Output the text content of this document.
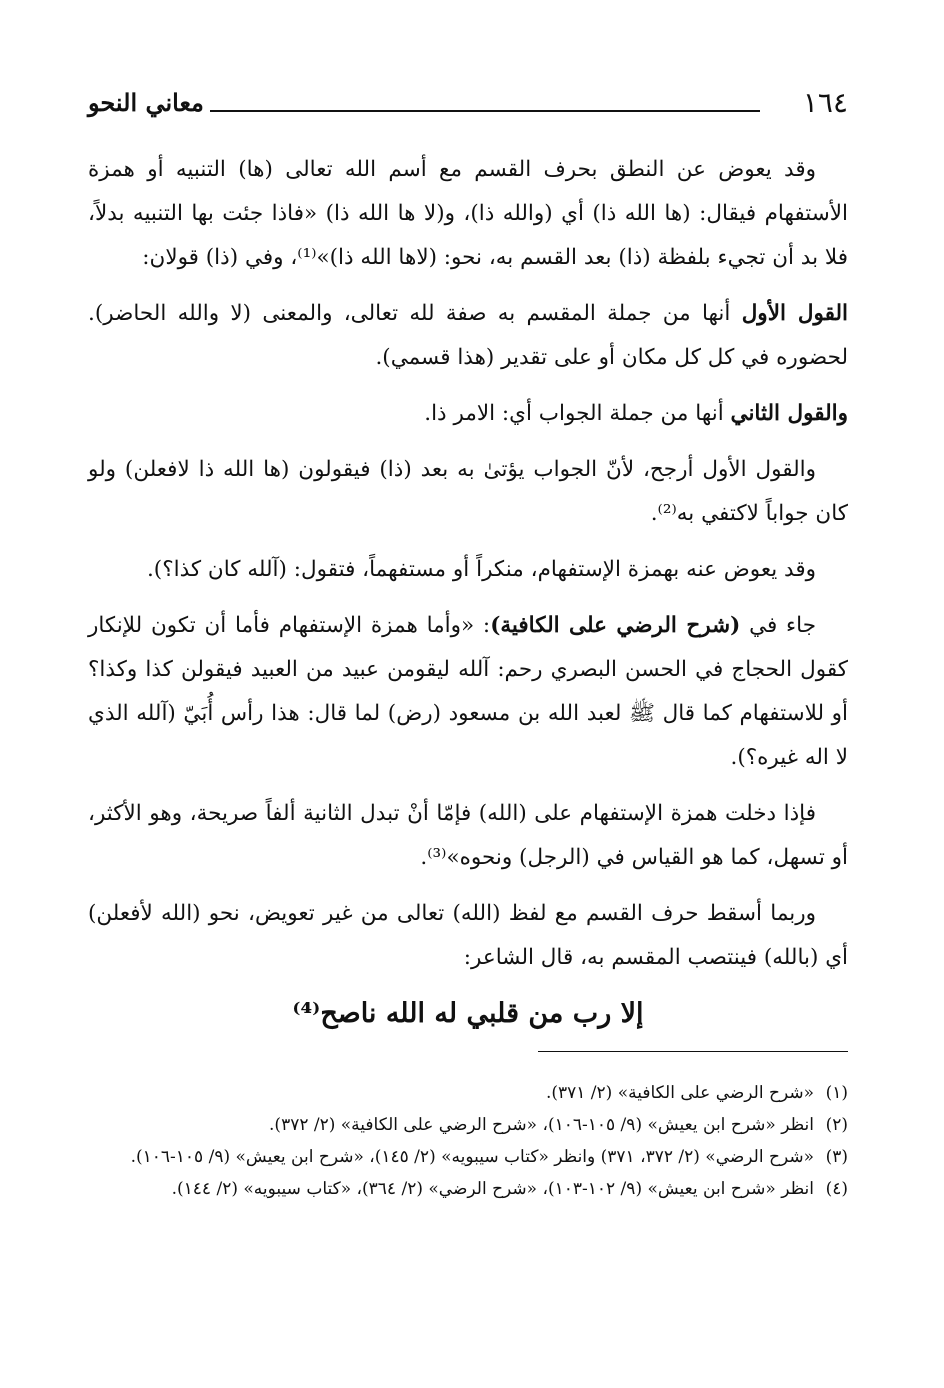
١٦٤
معاني النحو

وقد يعوض عن النطق بحرف القسم مع أسم الله تعالى (ها) التنبيه أو همزة الأستفهام فيقال: (ها الله ذا) أي (والله ذا)، و(لا ها الله ذا) «فاذا جئت بها التنبيه بدلاً، فلا بد أن تجيء بلفظة (ذا) بعد القسم به، نحو: (لاها الله ذا)»⁽¹⁾، وفي (ذا) قولان:

القول الأول أنها من جملة المقسم به صفة لله تعالى، والمعنى (لا والله الحاضر). لحضوره في كل كل مكان أو على تقدير (هذا قسمي).

والقول الثاني أنها من جملة الجواب أي: الامر ذا.

والقول الأول أرجح، لأنّ الجواب يؤتىٰ به بعد (ذا) فيقولون (ها الله ذا لافعلن) ولو كان جواباً لاكتفي به⁽²⁾.

وقد يعوض عنه بهمزة الإستفهام، منكراً أو مستفهماً، فتقول: (آلله كان كذا؟).

جاء في (شرح الرضي على الكافية): «وأما همزة الإستفهام فأما أن تكون للإنكار كقول الحجاج في الحسن البصري رحم: آلله ليقومن عبيد من العبيد فيقولن كذا وكذا؟ أو للاستفهام كما قال ﷺ لعبد الله بن مسعود (رض) لما قال: هذا رأس أُبَيّ (آلله الذي لا اله غيره؟).

فإذا دخلت همزة الإستفهام على (الله) فإمّا أنْ تبدل الثانية ألفاً صريحة، وهو الأكثر، أو تسهل، كما هو القياس في (الرجل) ونحوه»⁽³⁾.

وربما أسقط حرف القسم مع لفظ (الله) تعالى من غير تعويض، نحو (الله لأفعلن) أي (بالله) فينتصب المقسم به، قال الشاعر:

إلا رب من قلبي له الله ناصح⁽⁴⁾
(١)
«شرح الرضي على الكافية» (٢/ ٣٧١).
(٢)
انظر «شرح ابن يعيش» (٩/ ١٠٥-١٠٦)، «شرح الرضي على الكافية» (٢/ ٣٧٢).
(٣)
«شرح الرضي» (٢/ ٣٧٢، ٣٧١) وانظر «كتاب سيبويه» (٢/ ١٤٥)، «شرح ابن يعيش» (٩/ ١٠٥-١٠٦).
(٤)
انظر «شرح ابن يعيش» (٩/ ١٠٢-١٠٣)، «شرح الرضي» (٢/ ٣٦٤)، «كتاب سيبويه» (٢/ ١٤٤).
